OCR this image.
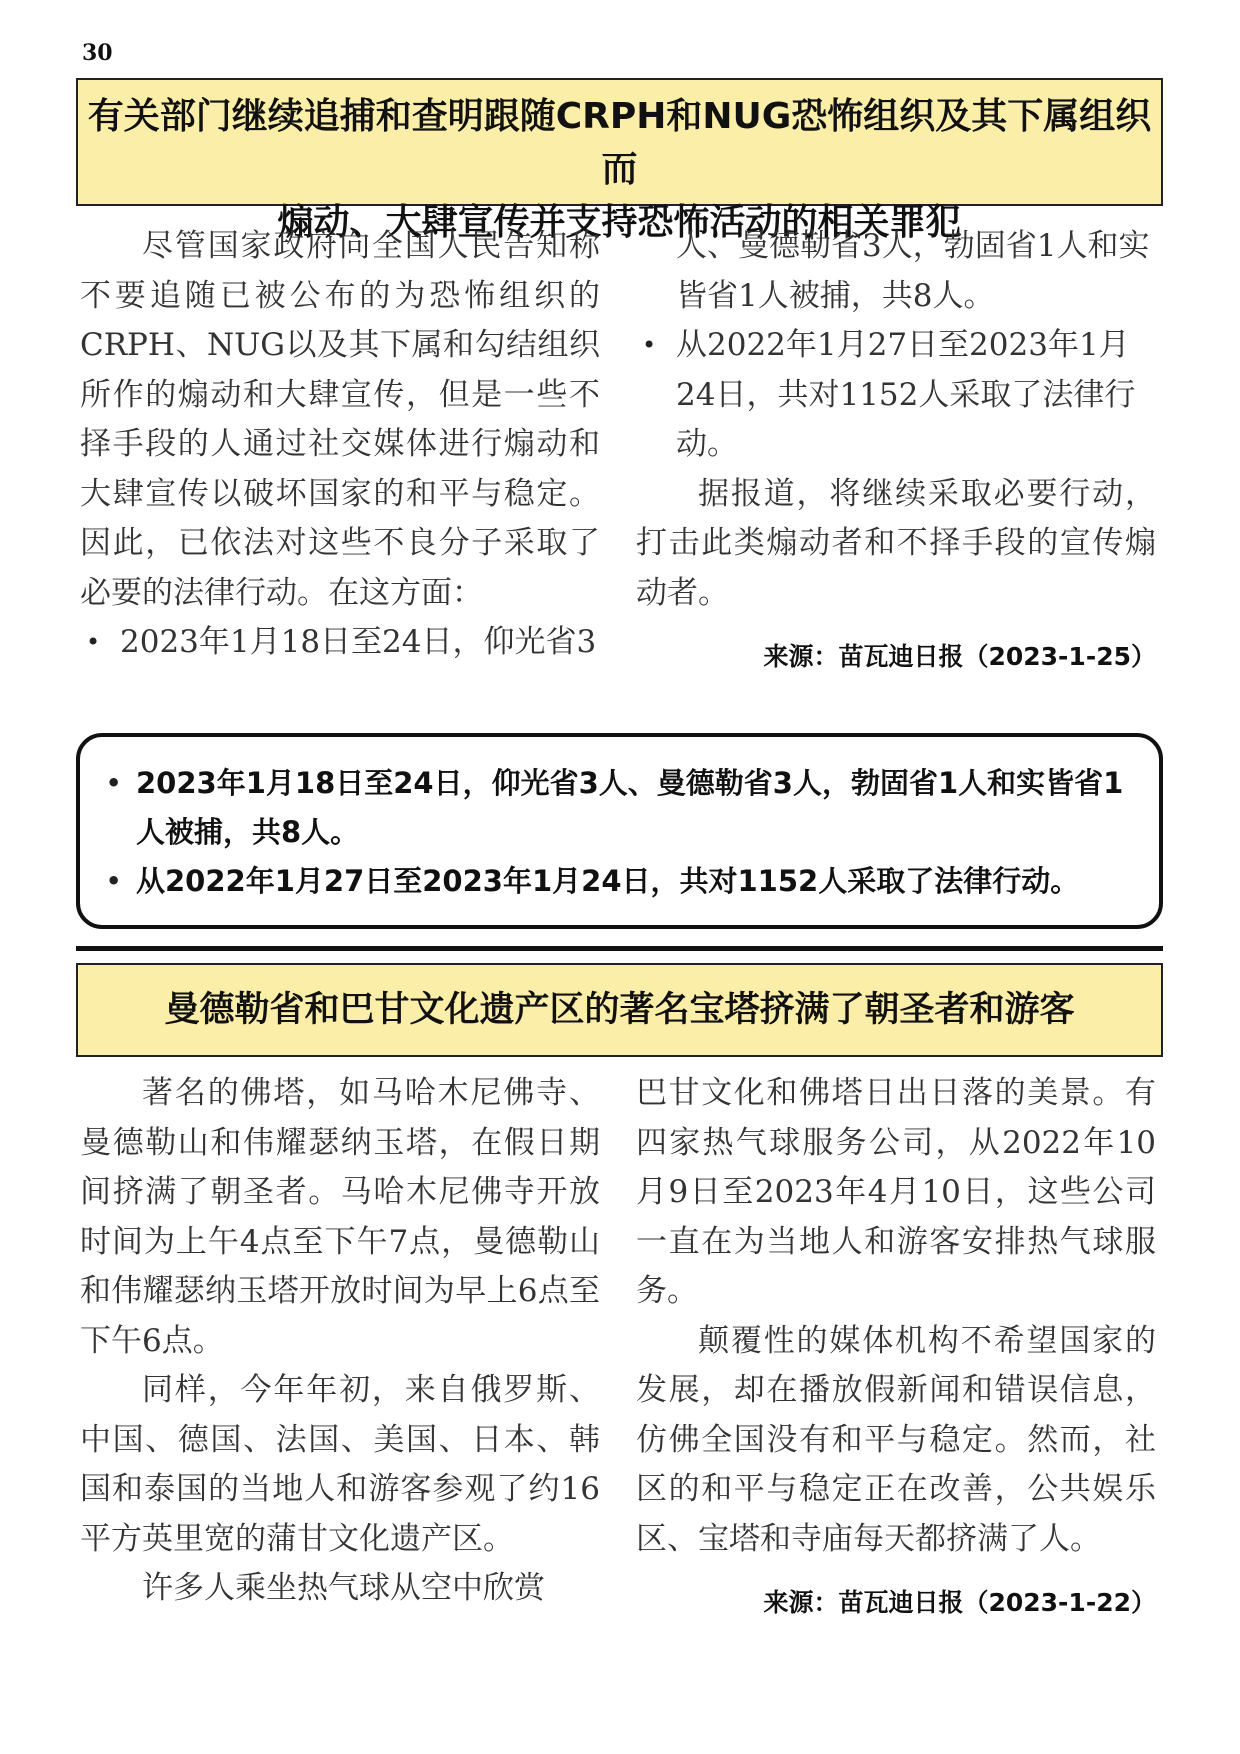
30
有关部门继续追捕和查明跟随CRPH和NUG恐怖组织及其下属组织而
煽动、大肆宣传并支持恐怖活动的相关罪犯

尽管国家政府向全国人民告知称不要追随已被公布的为恐怖组织的CRPH、NUG以及其下属和勾结组织所作的煽动和大肆宣传，但是一些不择手段的人通过社交媒体进行煽动和大肆宣传以破坏国家的和平与稳定。因此，已依法对这些不良分子采取了必要的法律行动。在这方面：

• 2023年1月18日至24日，仰光省3
人、曼德勒省3人，勃固省1人和实皆省1人被捕，共8人。
• 从2022年1月27日至2023年1月24日，共对1152人采取了法律行动。

据报道，将继续采取必要行动，打击此类煽动者和不择手段的宣传煽动者。

来源：苗瓦迪日报（2023-1-25）
• 2023年1月18日至24日，仰光省3人、曼德勒省3人，勃固省1人和实皆省1人被捕，共8人。
• 从2022年1月27日至2023年1月24日，共对1152人采取了法律行动。
曼德勒省和巴甘文化遗产区的著名宝塔挤满了朝圣者和游客

著名的佛塔，如马哈木尼佛寺、曼德勒山和伟耀瑟纳玉塔，在假日期间挤满了朝圣者。马哈木尼佛寺开放时间为上午4点至下午7点，曼德勒山和伟耀瑟纳玉塔开放时间为早上6点至下午6点。

同样，今年年初，来自俄罗斯、中国、德国、法国、美国、日本、韩国和泰国的当地人和游客参观了约16平方英里宽的蒲甘文化遗产区。

许多人乘坐热气球从空中欣赏

巴甘文化和佛塔日出日落的美景。有四家热气球服务公司，从2022年10月9日至2023年4月10日，这些公司一直在为当地人和游客安排热气球服务。

颠覆性的媒体机构不希望国家的发展，却在播放假新闻和错误信息，仿佛全国没有和平与稳定。然而，社区的和平与稳定正在改善，公共娱乐区、宝塔和寺庙每天都挤满了人。

来源：苗瓦迪日报（2023-1-22）
